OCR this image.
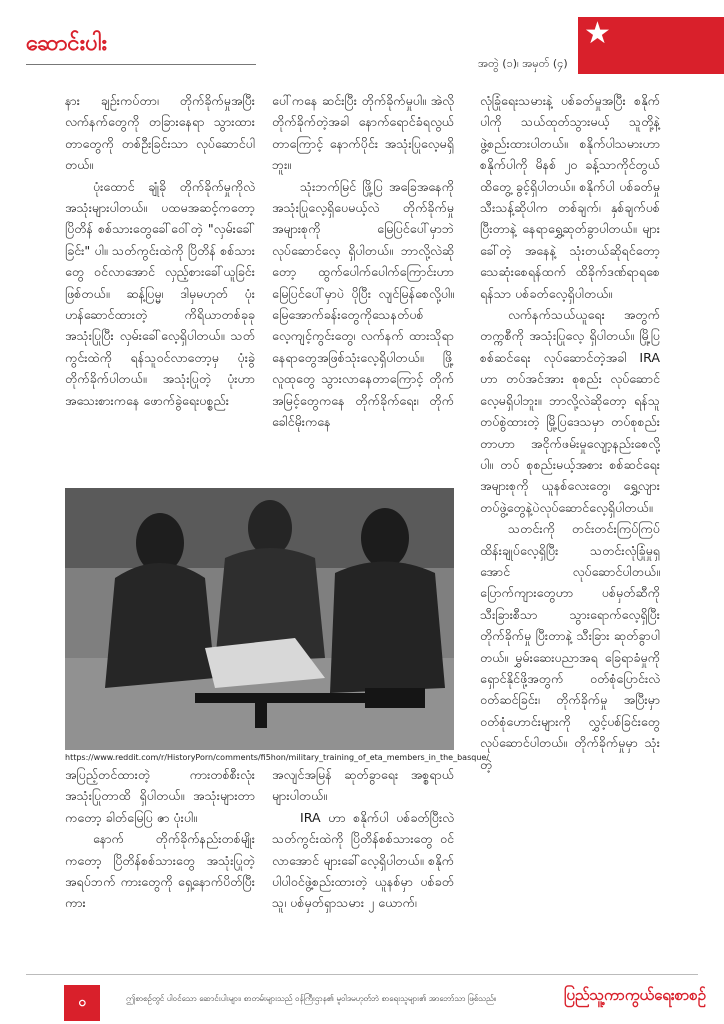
ဆောင်းပါး
အတွဲ (၁)၊ အမှတ် (၄)
★

နား ချဉ်းကပ်တာ၊ တိုက်ခိုက်မှုအပြီး လက်နက်တွေကို တခြားနေရာ သွားထားတာတွေကို တစ်ဦးခြင်းသာ လုပ်ဆောင်ပါတယ်။

ပုံးထောင် ချုံခို တိုက်ခိုက်မှုကိုလဲ အသုံးများပါတယ်။ ပထမအဆင့်ကတော့ ပြိတိန် စစ်သားတွေခေါ်ဝေါ်တဲ့ "လှမ်းခေါ်ခြင်း" ပါ။ သတ်ကွင်းထဲကို ပြိတိန် စစ်သားတွေ ဝင်လာအောင် လှည့်စားခေါ်ယူခြင်းဖြစ်တယ်။ ဆန့်ပြမ္မ၊ ဒါမှမဟုတ် ပုံးဟန်ဆောင်ထားတဲ့ ကိရိယာတစ်ခုခု အသုံးပြုပြီး လှမ်းခေါ်လေ့ရှိပါတယ်။ သတ်ကွင်းထဲကို ရန်သူဝင်လာတော့မှ ပုံးခွဲ တိုက်ခိုက်ပါတယ်။ အသုံးပြုတဲ့ ပုံးဟာ အသေးစားကနေ ဖောက်ခွဲရေးပစ္စည်း

ပေါ်ကနေ ဆင်းပြီး တိုက်ခိုက်မှုပါ။ အဲလို တိုက်ခိုက်တဲ့အခါ နောက်ရောင်ခံရလွယ်တာကြောင့် နောက်ပိုင်း အသုံးပြုလေ့မရှိဘူး။

သုံးဘက်မြင် ဖြို့ပြ အခြေအနေကို အသုံးပြုလေ့ရှိပေမယ့်လဲ တိုက်ခိုက်မှု အများစုကို မြေပြင်ပေါ်မှာဘဲ လုပ်ဆောင်လေ့ ရှိပါတယ်။ ဘာလို့လဲဆိုတော့ ထွက်ပေါက်ပေါက်ကြောင်းဟာ မြေပြင်ပေါ်မှာပဲ ပိုပြီး လျင်မြန်စေလို့ပါ။ မြေအောက်ခန်းတွေကိုသေနတ်ပစ်လေ့ကျင့်ကွင်းတွေ၊ လက်နက် ထားသိုရာနေရာတွေအဖြစ်သုံးလေ့ရှိပါတယ်။ ဖြို့လူထုတွေ သွားလာနေတာကြောင့် တိုက်အမြင့်တွေကနေ တိုက်ခိုက်ရေး၊ တိုက်ခေါင်မိုးကနေ

လုံခြုံရေးသမားနဲ့ ပစ်ခတ်မှုအပြီး စနိုက်ပါကို သယ်ထုတ်သွားမယ့် သူတို့နဲ့ ဖွဲ့စည်းထားပါတယ်။ စနိုက်ပါသမားဟာ စနိုက်ပါကို မိနစ် ၂၀ ခန့်သာကိုင်တွယ်ထိတွေ့ ခွင့်ရှိပါတယ်။ စနိုက်ပါ ပစ်ခတ်မှု သီးသန့်ဆိုပါက တစ်ချက်၊ နှစ်ချက်ပစ်ပြီးတာနဲ့ နေရာရွှေ့ဆုတ်ခွာပါတယ်။ များခေါ်တဲ့ အနေနဲ့ သုံးတယ်ဆိုရင်တော့ သေဆုံးစေရန်ထက် ထိခိုက်ဒဏ်ရာရစေရန်သာ ပစ်ခတ်လေ့ရှိပါတယ်။

လက်နက်သယ်ယူရေး အတွက် တက္ကစီကို အသုံးပြုလေ့ ရှိပါတယ်။ မြို့ပြ စစ်ဆင်ရေး လုပ်ဆောင်တဲ့အခါ IRA ဟာ တပ်အင်အား စုစည်း လုပ်ဆောင်လေ့မရှိပါဘူး။ ဘာလို့လဲဆိုတော့ ရန်သူတပ်စွဲထားတဲ့ မြို့ပြဒေသမှာ တပ်စုစည်းတာဟာ အငိုက်ဖမ်းမှုလျော့နည်းစေလို့ပါ။ တပ် စုစည်းမယ့်အစား စစ်ဆင်ရေး အများစုကို ယူနစ်လေးတွေ၊ ရွှေ့လျားတပ်ဖွဲ့တွေနဲ့ပဲလုပ်ဆောင်လေ့ရှိပါတယ်။

သတင်းကို တင်းတင်းကြပ်ကြပ် ထိန်းချုပ်လေ့ရှိပြီး သတင်းလုံခြုံမှုရှအောင် လုပ်ဆောင်ပါတယ်။ ပြောက်ကျားတွေဟာ ပစ်မှတ်ဆီကို သီးခြားစီသာ သွားရောက်လေ့ရှိပြီး တိုက်ခိုက်မှု ပြီးတာနဲ့ သီးခြား ဆုတ်ခွာပါတယ်။ မွှမ်းဆေးပညာအရ ခြေရာခံမှုကို ရှောင်နိုင်ဖို့အတွက် ဝတ်စုံပြောင်းလဲ ဝတ်ဆင်ခြင်း၊ တိုက်ခိုက်မှု အပြီးမှာ ဝတ်စုံဟောင်းများကို လွှင့်ပစ်ခြင်းတွေ လုပ်ဆောင်ပါတယ်။ တိုက်ခိုက်မှုမှာ သုံးတဲ့

https://www.reddit.com/r/HistoryPorn/comments/fi5hon/military_training_of_eta_members_in_the_basque/

အပြည့်တင်ထားတဲ့ ကားတစ်စီးလုံး အသုံးပြုတာထိ ရှိပါတယ်။ အသုံးများတာကတော့ ခါတ်မြေပြ ဇာ ပုံးပါ။

နောက် တိုက်ခိုက်နည်းတစ်မျိုးကတော့ ပြိတိန်စစ်သားတွေ အသုံးပြုတဲ့ အရပ်ဘက် ကားတွေကို ရှေ့နောက်ပိတ်ပြီး ကား

အလျင်အမြန် ဆုတ်ခွာရေး အစ္စရာယ်များပါတယ်။

IRA ဟာ စနိုက်ပါ ပစ်ခတ်ပြီးလဲ သတ်ကွင်းထဲကို ပြိတိန်စစ်သားတွေ ဝင်လာအောင် များခေါ်လေ့ရှိပါတယ်။ စနိုက်ပါပါဝင်ဖွဲ့စည်းထားတဲ့ ယူနစ်မှာ ပစ်ခတ်သူ၊ ပစ်မှတ်ရှာသမား ၂ ယောက်၊

၀	ဤစာစဉ်တွင် ပါဝင်သော ဆောင်းပါးများ၊ စာတမ်းများသည် ဝန်ကြီးဌာန၏ မူဝါဒမဟုတ်ဘဲ စာရေးသူများ၏ အာဘော်သာ ဖြစ်သည်။	ပြည်သူ့ကာကွယ်ရေးစာစဉ်
